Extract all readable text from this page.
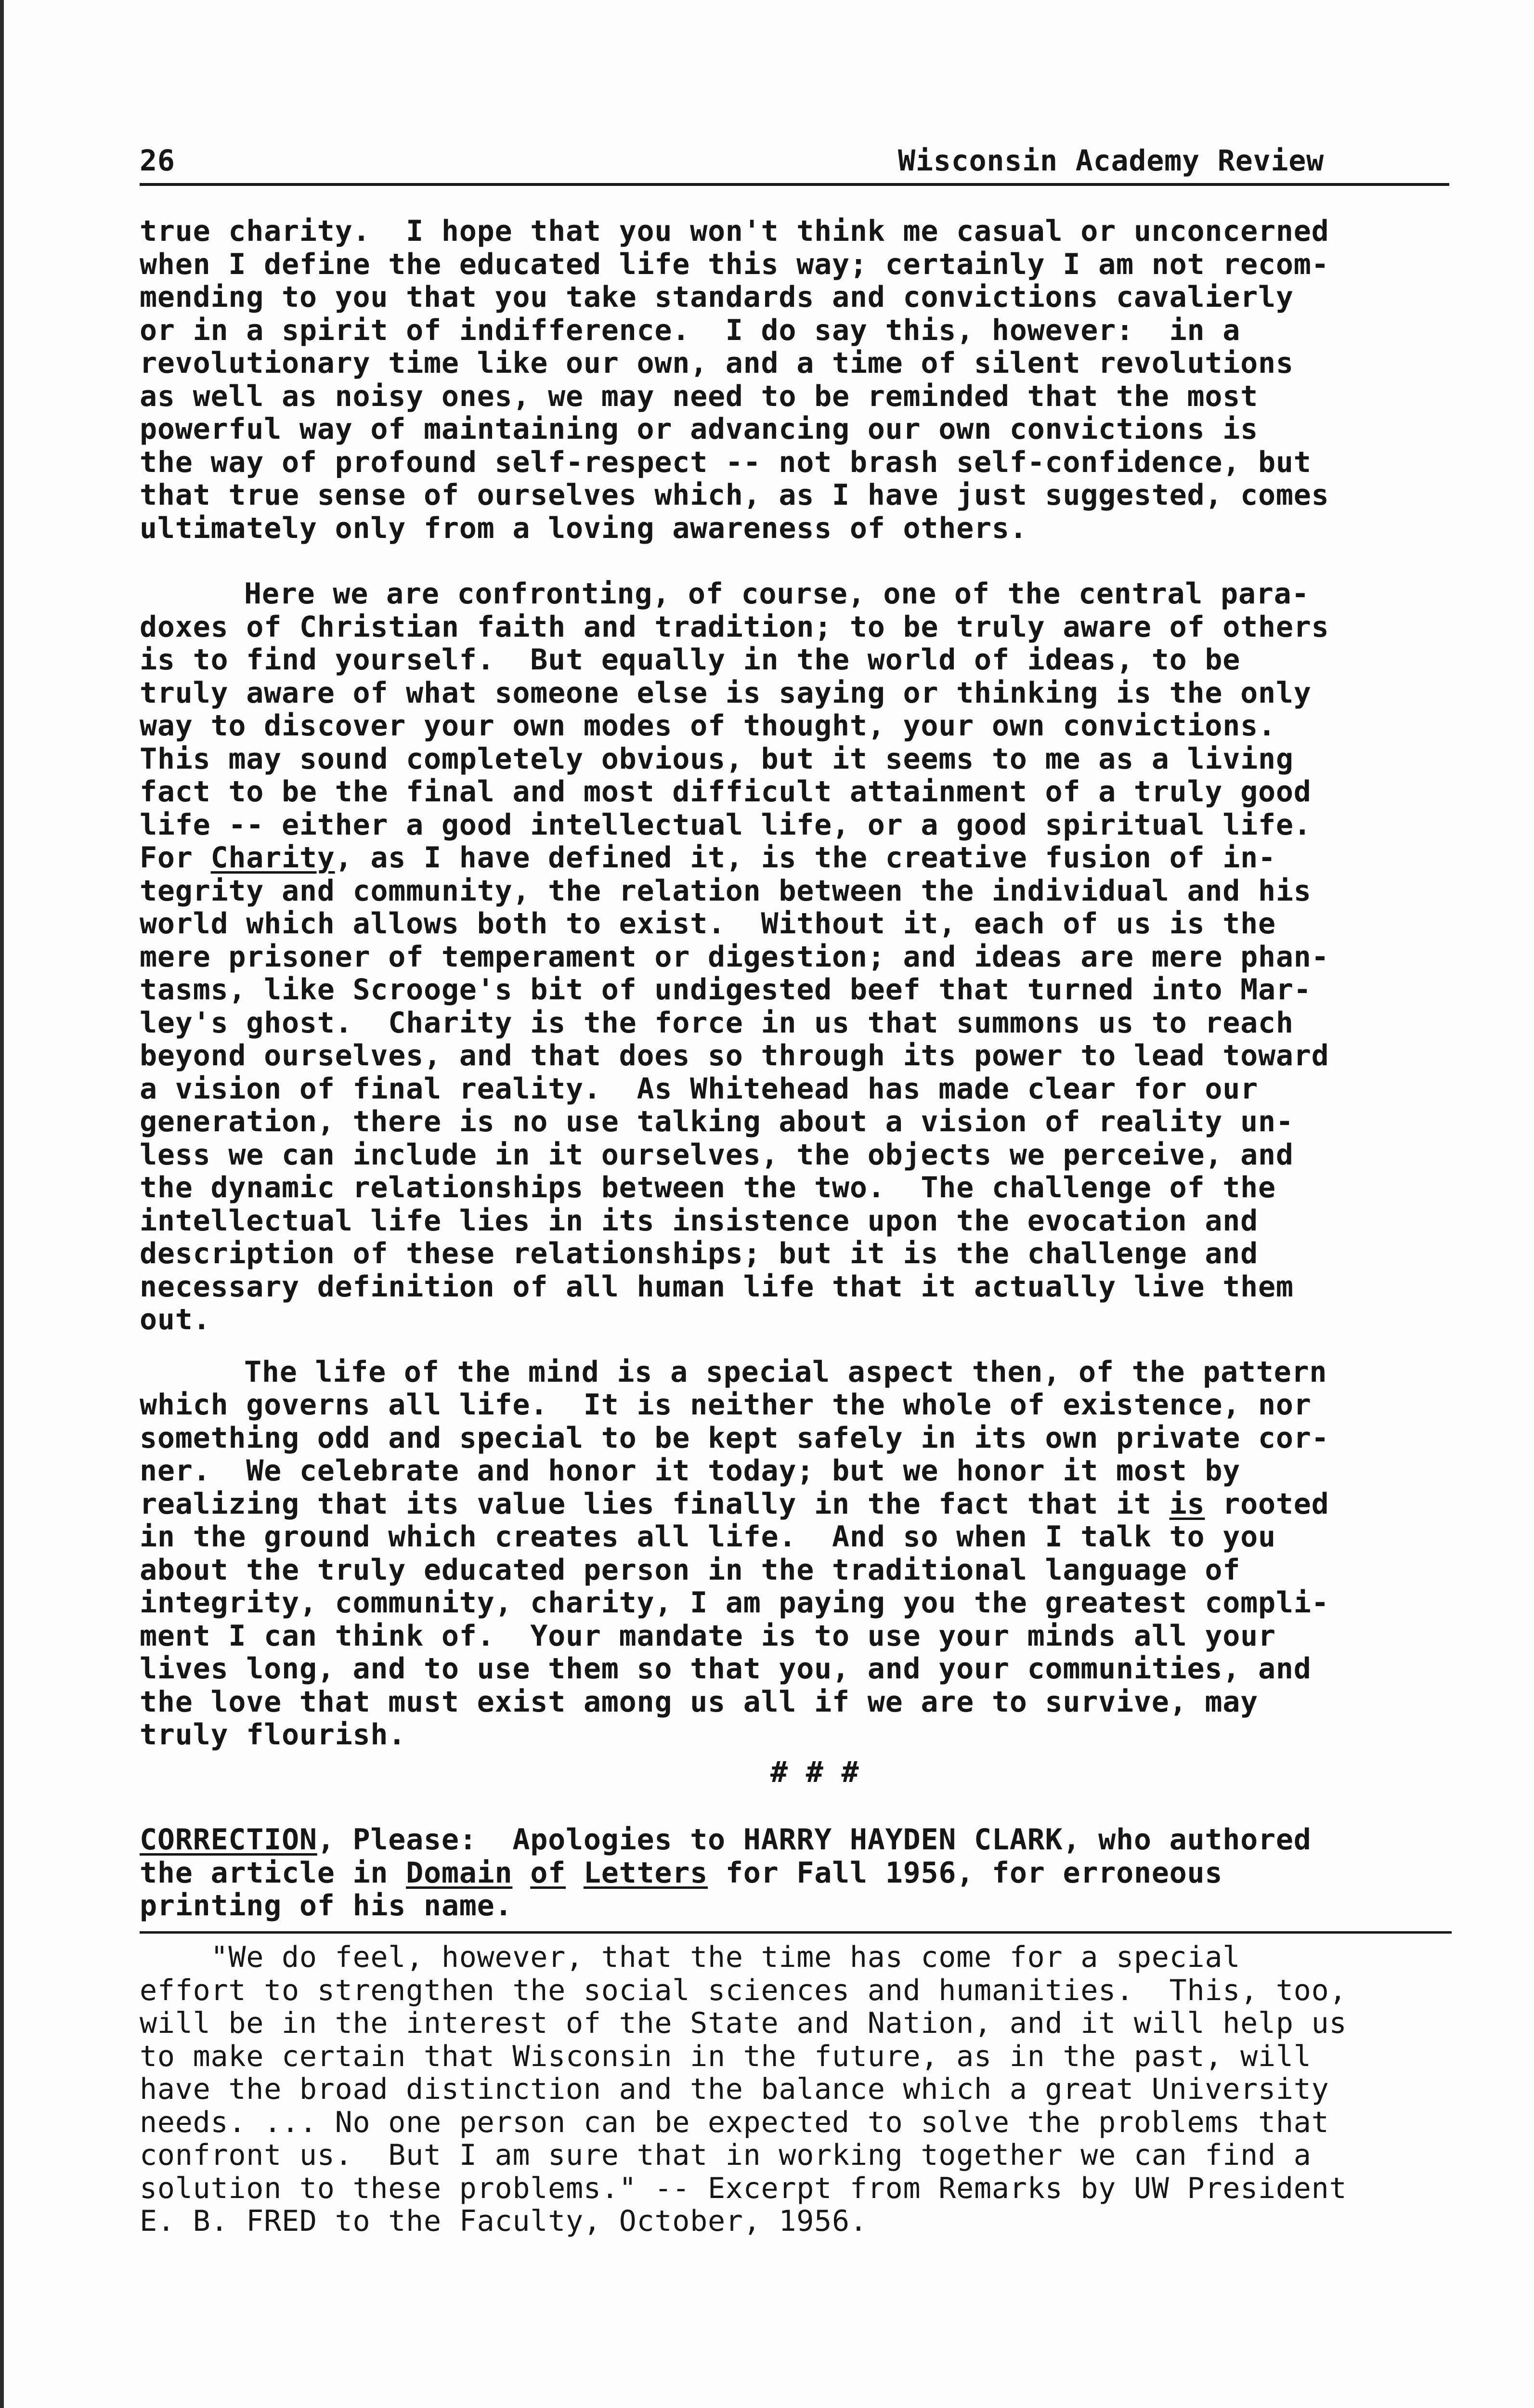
26	Wisconsin Academy Review
true charity.  I hope that you won't think me casual or unconcerned
when I define the educated life this way; certainly I am not recom-
mending to you that you take standards and convictions cavalierly
or in a spirit of indifference.  I do say this, however:  in a
revolutionary time like our own, and a time of silent revolutions
as well as noisy ones, we may need to be reminded that the most
powerful way of maintaining or advancing our own convictions is
the way of profound self-respect -- not brash self-confidence, but
that true sense of ourselves which, as I have just suggested, comes
ultimately only from a loving awareness of others.
Here we are confronting, of course, one of the central para-
doxes of Christian faith and tradition; to be truly aware of others
is to find yourself.  But equally in the world of ideas, to be
truly aware of what someone else is saying or thinking is the only
way to discover your own modes of thought, your own convictions.
This may sound completely obvious, but it seems to me as a living
fact to be the final and most difficult attainment of a truly good
life -- either a good intellectual life, or a good spiritual life.
For Charity, as I have defined it, is the creative fusion of in-
tegrity and community, the relation between the individual and his
world which allows both to exist.  Without it, each of us is the
mere prisoner of temperament or digestion; and ideas are mere phan-
tasms, like Scrooge's bit of undigested beef that turned into Mar-
ley's ghost.  Charity is the force in us that summons us to reach
beyond ourselves, and that does so through its power to lead toward
a vision of final reality.  As Whitehead has made clear for our
generation, there is no use talking about a vision of reality un-
less we can include in it ourselves, the objects we perceive, and
the dynamic relationships between the two.  The challenge of the
intellectual life lies in its insistence upon the evocation and
description of these relationships; but it is the challenge and
necessary definition of all human life that it actually live them
out.
The life of the mind is a special aspect then, of the pattern
which governs all life.  It is neither the whole of existence, nor
something odd and special to be kept safely in its own private cor-
ner.  We celebrate and honor it today; but we honor it most by
realizing that its value lies finally in the fact that it is rooted
in the ground which creates all life.  And so when I talk to you
about the truly educated person in the traditional language of
integrity, community, charity, I am paying you the greatest compli-
ment I can think of.  Your mandate is to use your minds all your
lives long, and to use them so that you, and your communities, and
the love that must exist among us all if we are to survive, may
truly flourish.
# # #
CORRECTION, Please:  Apologies to HARRY HAYDEN CLARK, who authored
the article in Domain of Letters for Fall 1956, for erroneous
printing of his name.
"We do feel, however, that the time has come for a special
effort to strengthen the social sciences and humanities.  This, too,
will be in the interest of the State and Nation, and it will help us
to make certain that Wisconsin in the future, as in the past, will
have the broad distinction and the balance which a great University
needs. ... No one person can be expected to solve the problems that
confront us.  But I am sure that in working together we can find a
solution to these problems." -- Excerpt from Remarks by UW President
E. B. FRED to the Faculty, October, 1956.
